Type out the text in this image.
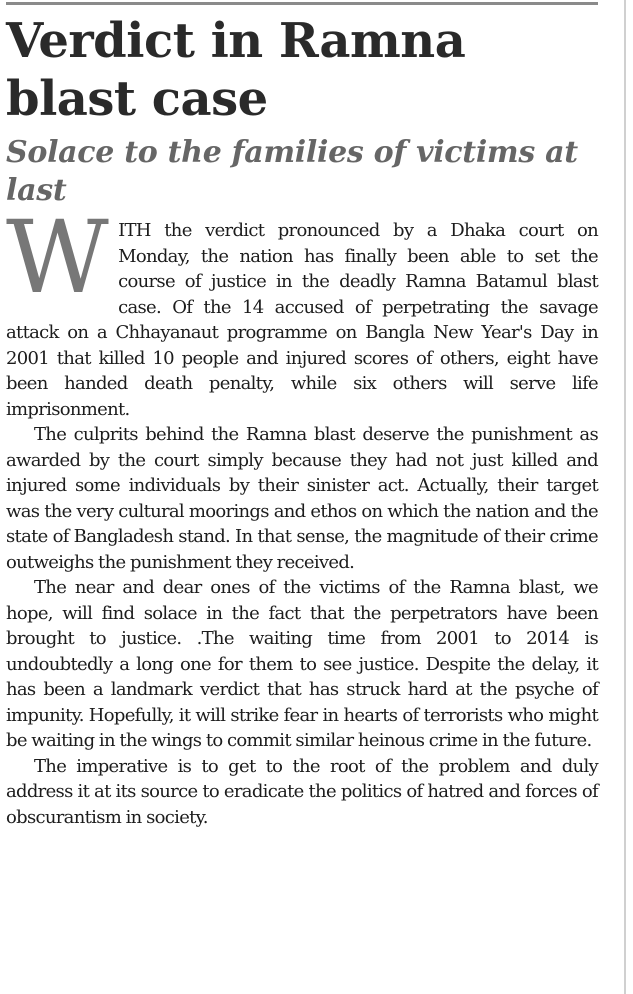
Verdict in Ramna blast case
Solace to the families of victims at last

WITH the verdict pronounced by a Dhaka court on Monday, the nation has finally been able to set the course of justice in the deadly Ramna Batamul blast case. Of the 14 accused of perpetrating the savage attack on a Chhayanaut programme on Bangla New Year's Day in 2001 that killed 10 people and injured scores of others, eight have been handed death penalty, while six others will serve life imprisonment.

The culprits behind the Ramna blast deserve the punishment as awarded by the court simply because they had not just killed and injured some individuals by their sinister act. Actually, their target was the very cultural moorings and ethos on which the nation and the state of Bangladesh stand. In that sense, the magnitude of their crime outweighs the punishment they received.

The near and dear ones of the victims of the Ramna blast, we hope, will find solace in the fact that the perpetrators have been brought to justice. .The waiting time from 2001 to 2014 is undoubtedly a long one for them to see justice. Despite the delay, it has been a landmark verdict that has struck hard at the psyche of impunity. Hopefully, it will strike fear in hearts of terrorists who might be waiting in the wings to commit similar heinous crime in the future.

The imperative is to get to the root of the problem and duly address it at its source to eradicate the politics of hatred and forces of obscurantism in society.
